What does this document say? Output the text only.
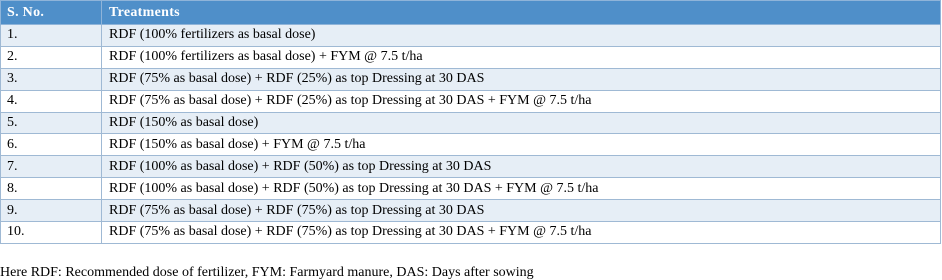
S. No.	Treatments
1.	RDF (100% fertilizers as basal dose)
2.	RDF (100% fertilizers as basal dose) + FYM @ 7.5 t/ha
3.	RDF (75% as basal dose) + RDF (25%) as top Dressing at 30 DAS
4.	RDF (75% as basal dose) + RDF (25%) as top Dressing at 30 DAS + FYM @ 7.5 t/ha
5.	RDF (150% as basal dose)
6.	RDF (150% as basal dose) + FYM @ 7.5 t/ha
7.	RDF (100% as basal dose) + RDF (50%) as top Dressing at 30 DAS
8.	RDF (100% as basal dose) + RDF (50%) as top Dressing at 30 DAS + FYM @ 7.5 t/ha
9.	RDF (75% as basal dose) + RDF (75%) as top Dressing at 30 DAS
10.	RDF (75% as basal dose) + RDF (75%) as top Dressing at 30 DAS + FYM @ 7.5 t/ha
Here RDF: Recommended dose of fertilizer, FYM: Farmyard manure, DAS: Days after sowing
